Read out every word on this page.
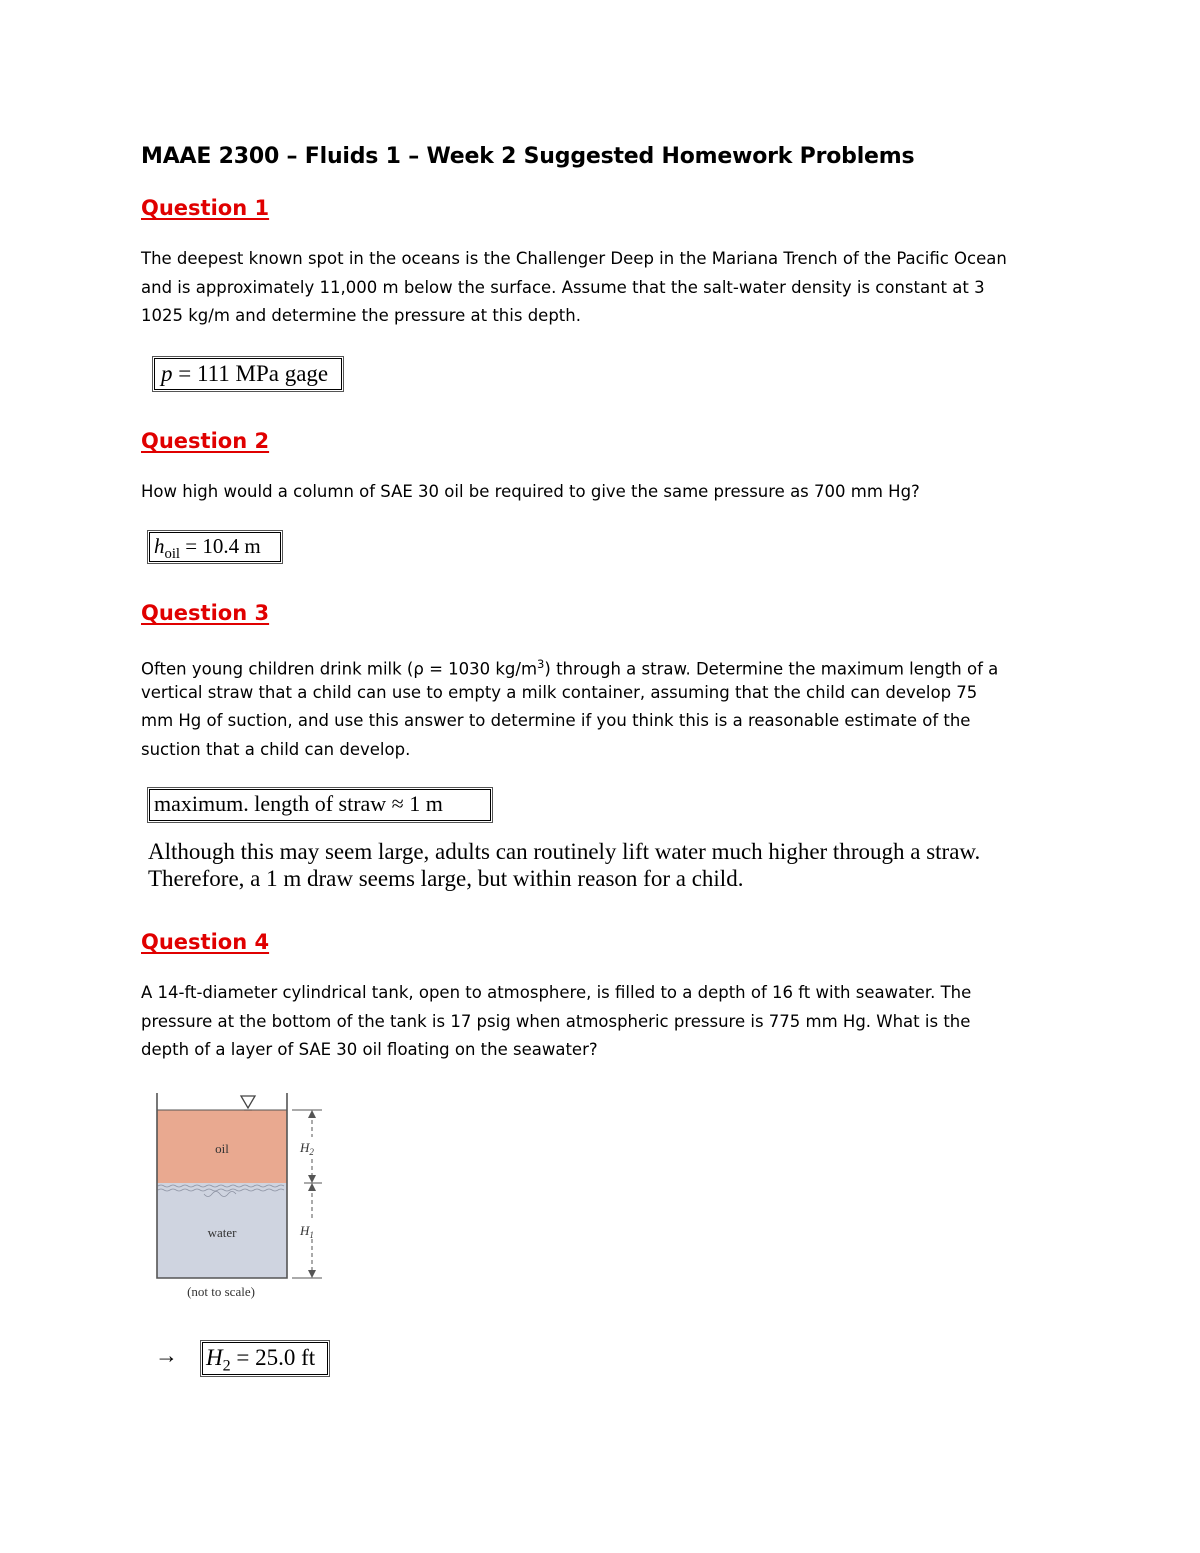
MAAE 2300 – Fluids 1 – Week 2 Suggested Homework Problems
Question 1
The deepest known spot in the oceans is the Challenger Deep in the Mariana Trench of the Pacific Ocean
and is approximately 11,000 m below the surface. Assume that the salt-water density is constant at 3
1025 kg/m and determine the pressure at this depth.
p = 111 MPa gage
Question 2
How high would a column of SAE 30 oil be required to give the same pressure as 700 mm Hg?
$h_{oil} = 10.4$ m
Question 3
Often young children drink milk (ρ = 1030 $kg/m^3$) through a straw. Determine the maximum length of a
vertical straw that a child can use to empty a milk container, assuming that the child can develop 75
mm Hg of suction, and use this answer to determine if you think this is a reasonable estimate of the
suction that a child can develop.
maximum. length of straw ≈ 1 m
Although this may seem large, adults can routinely lift water much higher through a straw.
Therefore, a 1 m draw seems large, but within reason for a child.
Question 4
A 14-ft-diameter cylindrical tank, open to atmosphere, is filled to a depth of 16 ft with seawater. The
pressure at the bottom of the tank is 17 psig when atmospheric pressure is 775 mm Hg. What is the
depth of a layer of SAE 30 oil floating on the seawater?
oil
water
$H_2$
$H_1$
(not to scale)
→ $H_2 = 25.0$ ft
